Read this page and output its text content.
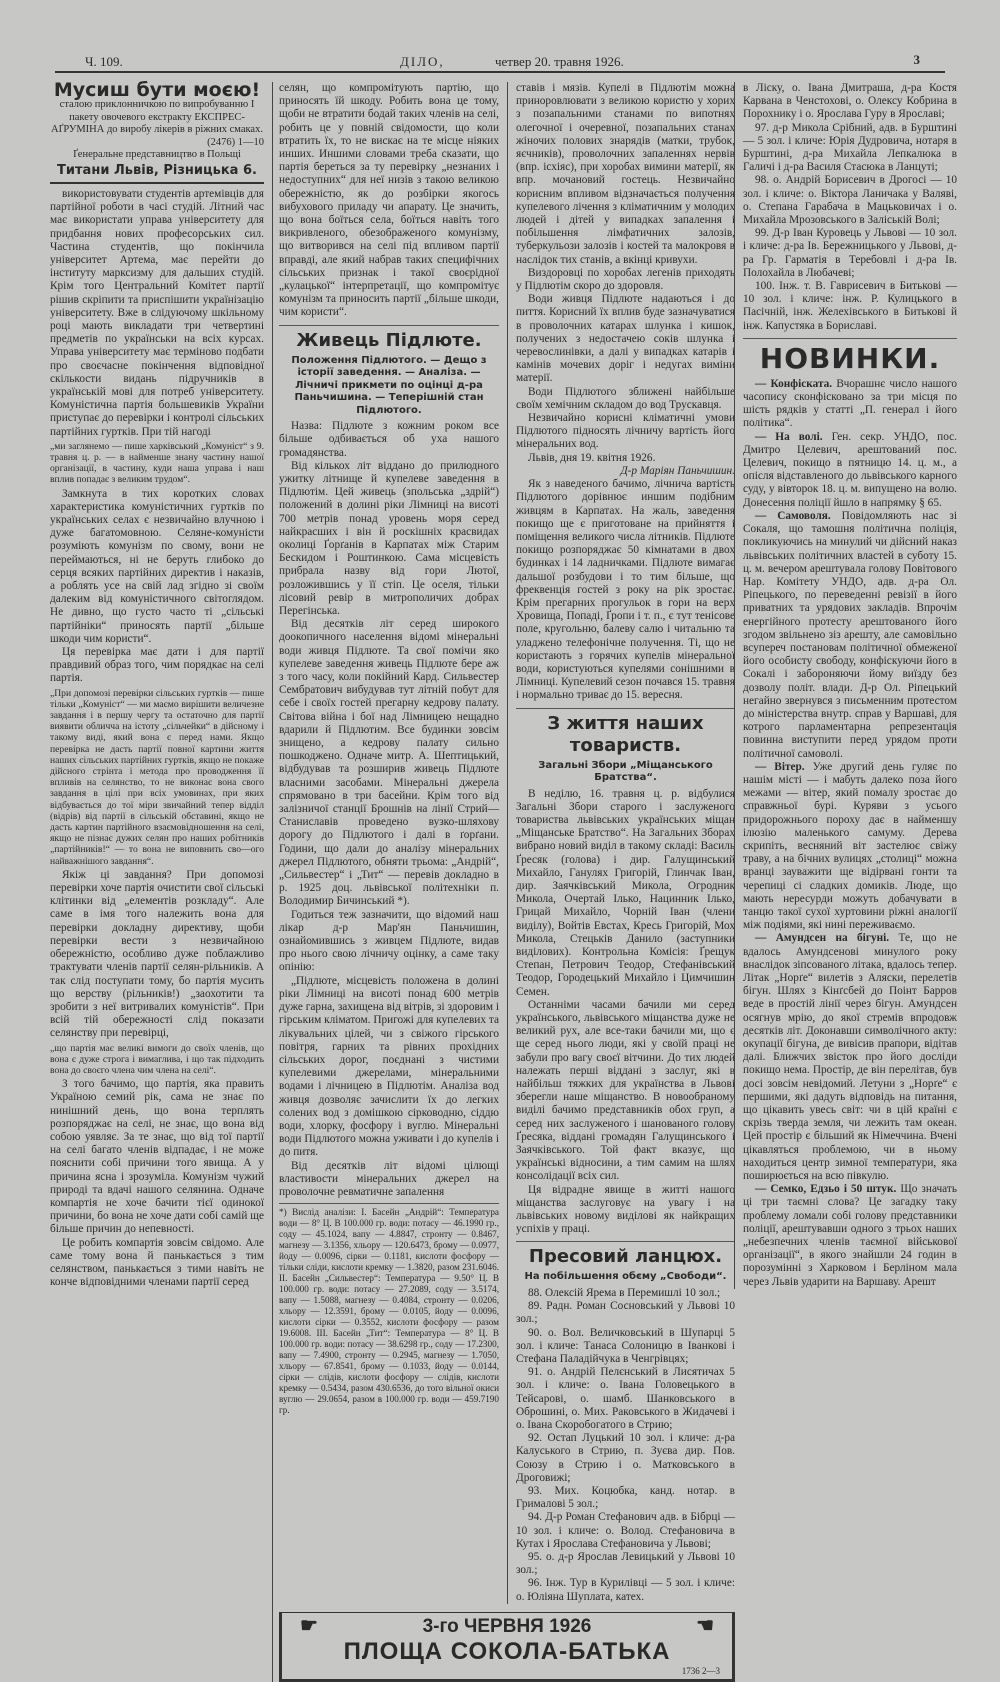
Ч. 109.	ДІЛО,	четвер 20. травня 1926.	3
Мусиш бути моєю!
сталою приклонничкою по випробуванню І пакету овочевого екстракту ЕКСПРЕС-АҐРУМІНА до виробу лікерів в ріжних смаках.
(2476) 1—10
Ґенеральне представництво в Польщі
Титани Львів, Різницька 6.

використовувати студентів артемівців для партійної роботи в часі студій. Літний час має використати управа університету для придбання нових професорських сил. Частина студентів, що покінчила університет Артема, має перейти до інституту марксизму для дальших студій. Крім того Центральний Комітет партії рішив скріпити та приспішити українізацію університету. Вже в слідуючому шкільному році мають викладати три четвертині предметів по українськи на всіх курсах. Управа університету має терміново подбати про своєчасне покінчення відповідної скількости видань підручників в українській мові для потреб університету. Комуністична партія большевиків України приступає до перевірки і контролі сільських партійних гуртків. При тій нагоді

„ми заглянемо — пише харківський „Комуніст“ з 9. травня ц. р. — в найменше знану частину нашої організації, в частину, куди наша управа і наш вплив попадає з великим трудом“.

Замкнута в тих коротких словах характеристика комуністичних гуртків по українських селах є незвичайно влучною і дуже багатомовною. Селяне-комуністи розуміють комунізм по свому, вони не переймаються, ні не беруть глибоко до серця всяких партійних директив і наказів, а роблять усе на свій лад згідно зі своїм далеким від комуністичного світоглядом. Не дивно, що густо часто ті „сільські партійніки“ приносять партії „більше шкоди чим користи“.

Ця перевірка має дати і для партії правдивий образ того, чим порядкає на селі партія.

„При допомозі перевірки сільських гуртків — пише тільки „Комуніст“ — ми маємо вирішити величезне завдання і в першу чергу та остаточно для партії виявити обличча на істоту „сільчейки“ в дійсному і такому виді, який вона є перед нами. Якщо перевірка не дасть партії повної картини життя наших сільських партійних гуртків, якщо не покаже дійсного стрінта і метода про проводження її впливів на селянство, то не виконає вона свого завдання в цілі при всіх умовинах, при яких відбувається до тої міри звичайний тепер відділ (відрів) від партії в сільській обставині, якщо не дасть картин партійного взаємовідношення на селі, якщо не пізнає дужих селян про наших робітників „партійників!“ — то вона не виповнить сво—ого найважнішого завдання“.

Якіж ці завдання? При допомозі перевірки хоче партія очистити свої сільські клітинки від „елементів розкладу“. Але саме в імя того належить вона для перевірки докладну директиву, щоби перевірки вести з незвичайною обережністю, особливо дуже поблажливо трактувати членів партії селян-рільників. А так слід поступати тому, бо партія мусить що верству (рільників!) „заохотити та зробити з неї витривалих комуністів“. При всій тій обережності слід показати селянству при перевірці,

„що партія має великі вимоги до своїх членів, що вона є дуже строга і вимаглива, і що так підходить вона до своєго члена чим члена на селі“.

З того бачимо, що партія, яка править Україною семий рік, сама не знає по нинішний день, що вона терплять розпоряджає на селі, не знає, що вона від собою уявляє. За те знає, що від тої партії на селі багато членів відпадає, і не може пояснити собі причини того явища. А у причина ясна і зрозуміла. Комунізм чужий природі та вдачі нашого селянина. Одначе компартія не хоче бачити тієї одинокої причини, бо вона не хоче дати собі самій ще більше причин до непевності.

Це робить компартія зовсім свідомо. Але саме тому вона й панькається з тим селянством, панькається з тими навіть не конче відповідними членами партії серед

селян, що компромітують партію, що приносять їй шкоду. Робить вона це тому, щоби не втратити бодай таких членів на селі, робить це у повній свідомости, що коли втратить їх, то не вискає на те місце ніяких инших. Иншими словами треба сказати, що партія береться за ту перевірку „незнаних і недоступних“ для неї низів з такою великою обережністю, як до розбірки якогось вибухового приладу чи апарату. Це значить, що вона боїться села, боїться навіть того викривленого, обезображеного комунізму, що витворився на селі під впливом партії вправді, але який набрав таких специфічних сільських признак і такої своєрідної „кулацької“ інтерпретації, що компромітує комунізм та приносить партії „більше шкоди, чим користи“.

Живець Підлюте.
Положення Підлютого. — Дещо з історії заведення. — Аналіза. — Лічничі прикмети по оцінці д-ра Паньчишина. — Теперішній стан Підлютого.

Назва: Підлюте з кожним роком все більше одбивається об уха нашого громадянства.

Від кількох літ віддано до прилюдного ужитку літнище й купелеве заведення в Підлютім. Цей живець (зпольська „здрій“) положений в долині ріки Лімниці на висоті 700 метрів понад уровень моря серед найкрасших і він й роскішніх красвидах околиці Ґорґанів в Карпатах між Старим Бескидом і Роштинкою. Сама місцевість прибрала назву від гори Лютої, розложившись у її стіп. Це оселя, тільки лісовий ревір в митрополичих добрах Перегінська.

Від десятків літ серед широкого доокопичного населення відомі мінеральні води живця Підлюте. Та свої помічи яко купелеве заведення живець Підлюте бере аж з того часу, коли покійний Кард. Сильвестер Сембратович вибудував тут літній побут для себе і своїх гостей прегарну кедрову палату. Світова війна і бої над Лімницею нещадно вдарили й Підлютим. Все будинки зовсім знищено, а кедрову палату сильно пошкоджено. Одначе митр. А. Шептицький, відбудував та розширив живець Підлюте власними засобами. Мінеральні джерела спрямовано в три басейни. Крім того від залізничої станції Брошнів на лінії Стрий—Станиславів проведено вузко-шляхову дорогу до Підлютого і далі в ґорґани. Години, що дали до аналізу мінеральних джерел Підлютого, обняти трьома: „Андрій“, „Сильвестер“ і „Тит“ — перевів докладно в р. 1925 доц. львівської політехніки п. Володимир Бичинський *).

Годиться теж зазначити, що відомий наш лікар д-р Мар'ян Паньчишин, ознайомившись з живцем Підлюте, видав про нього свою лічничу оцінку, а саме таку опінію:

„Підлюте, місцевість положена в долині ріки Лімниці на висоті понад 600 метрів дуже гарна, захищена від вітрів, зі здоровим і гірським кліматом. Пригожі для купелевих та лікувальних цілей, чи з свіжого гірського повітря, гарних та рівних прохідних сільських дорог, поєднані з чистими купелевими джерелами, мінеральними водами і лічницею в Підлютім. Аналіза вод живця дозволяє зачислити їх до легких солених вод з домішкою сірководню, сіддю води, хлорку, фосфору і вуглю. Мінеральні води Підлютого можна уживати і до купелів і до питя.

Від десятків літ відомі цілющі властивости мінеральних джерел на проволочне ревматичне запалення

*) Вислід аналізи: І. Басейн „Андрій“: Температура води — 8° Ц. В 100.000 гр. води: потасу — 46.1990 гр., соду — 45.1024, вапу — 4.8847, стронту — 0.8467, магнезу — 3.1356, хльору — 120.6473, брому — 0.0977, йоду — 0.0096, сірки — 0.1181, кислоти фосфору — тільки сліди, кислоти кремку — 1.3820, разом 231.6046. ІІ. Басейн „Сильвестер“: Температура — 9.50° Ц. В 100.000 гр. води: потасу — 27.2089, соду — 3.5174, вапу — 1.5088, магнезу — 0.4084, стронту — 0.0206, хльору — 12.3591, брому — 0.0105, йоду — 0.0096, кислоти сірки — 0.3552, кислоти фосфору — разом 19.6008. ІІІ. Басейн „Тит“: Температура — 8° Ц. В 100.000 гр. води: потасу — 38.6298 гр., соду — 17.2300, вапу — 7.4900, стронту — 0.2945, магнезу — 1.7050, хльору — 67.8541, брому — 0.1033, йоду — 0.0144, сірки — слідів, кислоти фосфору — слідів, кислоти кремку — 0.5434, разом 430.6536, до того вільної окиси вуглю — 29.0654, разом в 100.000 гр. води — 459.7190 гр.

ставів і мязів. Купелі в Підлютім можна приноровлювати з великою користю у хорих з позапальними станами по випотнях олегочної і очеревної, позапальних станах жіночих полових знарядів (матки, трубок, яєчників), проволочних запаленнях нервів (впр. ісхіяс), при хоробах вимини матерії, як впр. мочановий гостець. Незвичайно корисним впливом відзначається получення купелевого лічення з кліматичним у молодих людей і дітей у випадках запалення і побільшення лімфатичних залозів, туберкульози залозів і костей та малокровя в наслідок тих станів, а вкінці кривухи.

Виздоровці по хоробах легенів приходять у Підлютім скоро до здоровля.

Води живця Підлюте надаються і до пиття. Корисний їх вплив буде зазначуватися в проволочних катарах шлунка і кишок, получених з недостачею соків шлунка і черевослинівки, а далі у випадках катарів і камінів мочевих доріг і недугах виміни матерії.

Води Підлютого зближені найбільше своїм хемічним складом до вод Трускавця.

Незвичайно корисні кліматичні умови Підлютого підносять лічничу вартість його мінеральних вод.

Львів, дня 19. квітня 1926.

Д-р Маріян Паньчишин.

Як з наведеного бачимо, лічнича вартість Підлютого дорівнює иншим подібним живцям в Карпатах. На жаль, заведення покищо ще є приготоване на прийняття і поміщення великого числа літників. Підлюте покищо розпоряджає 50 кімнатами в двох будинках і 14 ладничками. Підлюте вимагає дальшої розбудови і то тим більше, що фреквенція гостей з року на рік зростає. Крім прегарних прогульок в гори на верх Хровища, Попаді, Ґропи і т. п., є тут тенісове поле, кругольню, балеву салю і читальню та уладжено телефонічне получення. Ті, що не користають з горячих купелів мінеральної води, користуються купелями сонішними в Лімниці. Купелевий сезон почався 15. травня і нормально триває до 15. вересня.

З життя наших товариств.
Загальні Збори „Міщанського Братства“.

В неділю, 16. травня ц. р. відбулися Загальні Збори старого і заслуженого товариства львівських українських міщан „Міщанське Братство“. На Загальних Зборах вибрано новий виділ в такому складі: Василь Ґресяк (голова) і дир. Галущинський Михайло, Ганулях Григорій, Глинчак Іван, дир. Заячківський Микола, Огродник Микола, Очертай Ілько, Нацинник Ілько, Грицай Михайло, Чорній Іван (члени виділу), Войтів Евстах, Кресь Григорій, Мох Микола, Стецьків Данило (заступники виділових). Контрольна Комісія: Ґрещук Степан, Петрович Теодор, Стефанівський Теодор, Городецький Михайло і Цимчишин Семен.

Останніми часами бачили ми серед українського, львівського міщанства дуже не великий рух, але все-таки бачили ми, що є ще серед нього люди, які у своїй праці не забули про вагу своєї вітчини. До тих людей належать перші віддані з заслуг, які в найбільш тяжких для українства в Львові зберегли наше міщанство. В новообраному виділі бачимо представників обох груп, а серед них заслуженого і шанованого голову Ґресяка, віддані громадян Галущинського і Заячківського. Той факт вказує, що українські відносини, а тим самим на шлях консолідації всіх сил.

Ця відрадне явище в житті нашого міщанства заслуговує на увагу і на львівських новому виділові як найкращих успіхів у праці.

Пресовий ланцюх.
На побільшення обєму „Свободи“.

88. Олексій Ярема в Перемишлі 10 зол.;

89. Радн. Роман Сосновський у Львові 10 зол.;

90. о. Вол. Величковський в Шупарці 5 зол. і кличе: Танаса Солоницю в Іванкові і Стефана Паладійчука в Ченгрівцях;

91. о. Андрій Пелєнський в Лисятичах 5 зол. і кличе: о. Івана Головецького в Тейсарові, о. шамб. Шанковського в Оброшині, о. Мих. Раковського в Жидачеві і о. Івана Скоробогатого в Стрию;

92. Остап Луцький 10 зол. і кличе: д-ра Калуського в Стрию, п. Зуєва дир. Пов. Союзу в Стрию і о. Матковського в Дроговижі;

93. Мих. Коцюбка, канд. нотар. в Грималові 5 зол.;

94. Д-р Роман Стефанович адв. в Бібрці — 10 зол. і кличе: о. Волод. Стефановича в Кутах і Ярослава Стефановича у Львові;

95. о. д-р Ярослав Левицький у Львові 10 зол.;

96. Інж. Тур в Курилівці — 5 зол. і кличе: о. Юліяна Шуплата, катех.

☛	☚
3-го ЧЕРВНЯ 1926
ПЛОЩА СОКОЛА-БАТЬКА
1736 2—3

в Ліску, о. Івана Дмитраша, д-ра Костя Карвана в Ченстохові, о. Олексу Кобрина в Порохнику і о. Ярослава Гуру в Ярославі;

97. д-р Микола Срібний, адв. в Бурштині — 5 зол. і кличе: Юрія Дудровича, нотаря в Бурштині, д-ра Михайла Лепкалюка в Галичі і д-ра Василя Стасюка в Ланцуті;

98. о. Андрій Борисевич в Дрогосі — 10 зол. і кличе: о. Віктора Ланичака у Валяві, о. Степана Гарабача в Мацьковичах і о. Михайла Мрозовського в Заліській Волі;

99. Д-р Іван Куровець у Львові — 10 зол. і кличе: д-ра Ів. Бережницького у Львові, д-ра Гр. Гарматія в Теребовлі і д-ра Ів. Полохайла в Любачеві;

100. Інж. т. В. Гаврисевич в Битькові — 10 зол. і кличе: інж. Р. Кулицького в Пасічній, інж. Желехівського в Битькові й інж. Капустяка в Бориславі.

НОВИНКИ.

— Конфіската. Вчорашнє число нашого часопису сконфісковано за три місця по шість рядків у статті „П. генерал і його політика“.

— На волі. Ген. секр. УНДО, пос. Дмитро Целевич, арештований пос. Целевич, покищо в пятницю 14. ц. м., а опісля відставленого до львівського карного суду, у вівторок 18. ц. м. випущено на волю. Донесення поліції йшло в напрямку § 65.

— Самоволя. Повідомляють нас зі Сокаля, що тамошня політична поліція, покликуючись на минулий чи дійсний наказ львівських політичних властей в суботу 15. ц. м. вечером арештувала голову Повітового Нар. Комітету УНДО, адв. д-ра Ол. Ріпецького, по переведенні ревізії в його приватних та урядових закладів. Впрочім енергійного протесту арештованого його згодом звільнено зіз арешту, але самовільно всупереч постановам політичної обмеженої його особисту свободу, конфіскуючи його в Сокалі і забороняючи йому виїзду без дозволу політ. влади. Д-р Ол. Ріпецький негайно звернувся з письменним протестом до міністерства внутр. справ у Варшаві, для котрого парламентарна репрезентація повинна виступити перед урядом проти політичної самоволі.

— Вітер. Уже другий день гуляє по нашім місті — і мабуть далеко поза його межами — вітер, який помалу зростає до справжньої бурі. Куряви з усього придорожнього пороху дає в найменшу ілюзію маленького самуму. Дерева скрипіть, весняний віт застелює свіжу траву, а на бічних вулицях „столиці“ можна вранці зауважити ще відірвані гонти та черепиці сі сладких домиків. Люде, що мають нересурди можуть добачувати в танцю такої сухої хуртовини ріжні аналогії між подіями, які нині переживаємо.

— Амундсен на бігуні. Те, що не вдалось Амундсенові минулого року внаслідок зіпсованого літака, вдалось тепер. Літак „Норґе“ вилетів з Аляски, перелетів бігун. Шлях з Кінґсбей до Поінт Барров веде в простій лінії через бігун. Амундсен осягнув мрію, до якої стремів впродовж десятків літ. Доконавши символічного акту: окупації бігуна, де вивісив прапори, відітав далі. Ближчих звісток про його досліди покищо нема. Простір, де він перелітав, був досі зовсім невідомий. Летуни з „Норґе“ є першими, які дадуть відповідь на питання, що цікавить увесь світ: чи в цій країні є скрізь тверда земля, чи лежить там океан. Цей простір є більший як Німеччина. Вчені цікавляться проблемою, чи в ньому находиться центр зимної температури, яка поширюється на всю півкулю.

— Семко, Едзьо і 50 штук. Що значать ці три таємні слова? Це загадку таку проблему ломали собі голову представники поліції, арештувавши одного з трьох наших „небезпечних членів таємної військової організації“, в якого знайшли 24 годин в порозумінні з Харковом і Берліном мала через Львів ударити на Варшаву. Арешт
